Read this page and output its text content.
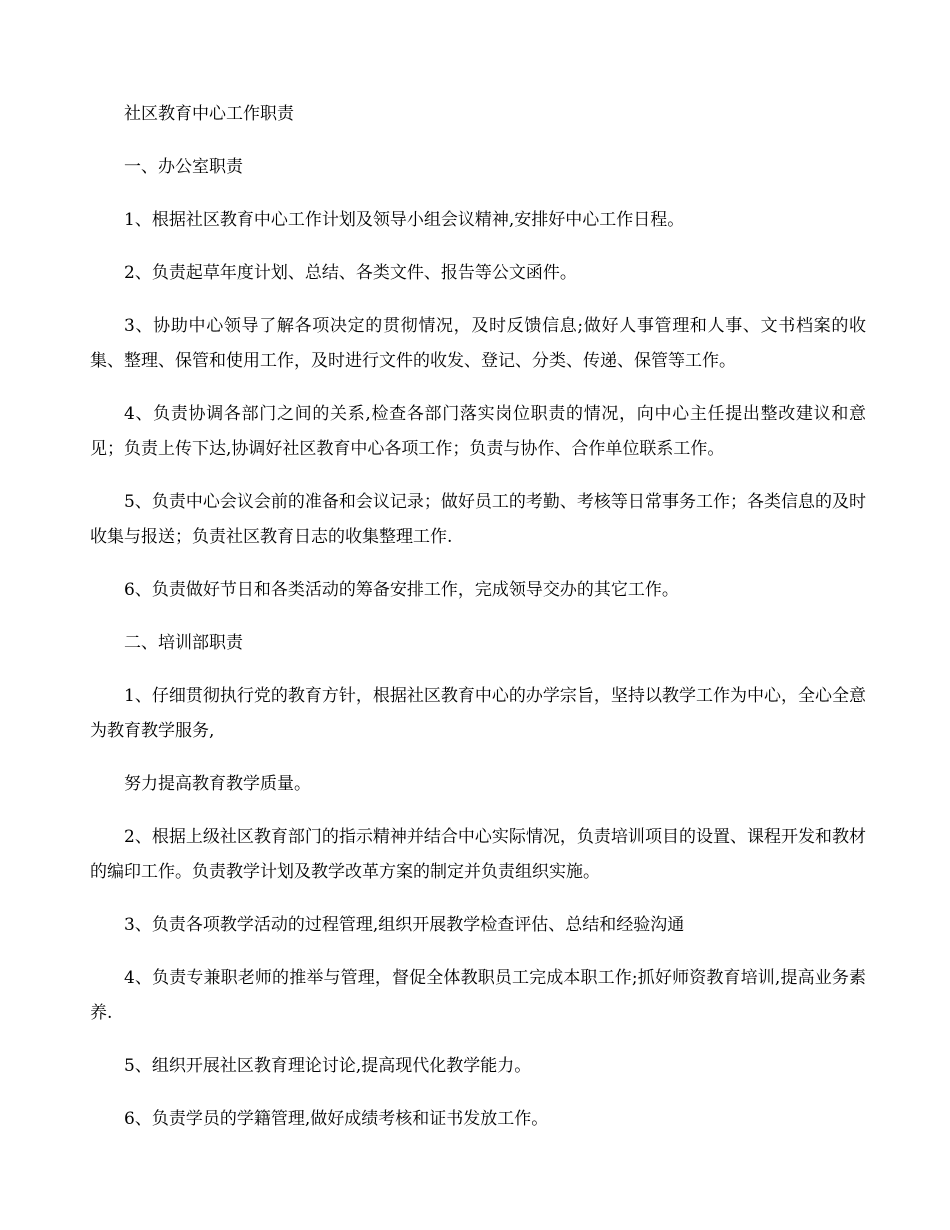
社区教育中心工作职责

一、办公室职责

1、根据社区教育中心工作计划及领导小组会议精神,安排好中心工作日程。

2、负责起草年度计划、总结、各类文件、报告等公文函件。

3、协助中心领导了解各项决定的贯彻情况，及时反馈信息;做好人事管理和人事、文书档案的收集、整理、保管和使用工作，及时进行文件的收发、登记、分类、传递、保管等工作。

4、负责协调各部门之间的关系,检查各部门落实岗位职责的情况，向中心主任提出整改建议和意见；负责上传下达,协调好社区教育中心各项工作；负责与协作、合作单位联系工作。

5、负责中心会议会前的准备和会议记录；做好员工的考勤、考核等日常事务工作；各类信息的及时收集与报送；负责社区教育日志的收集整理工作.

6、负责做好节日和各类活动的筹备安排工作，完成领导交办的其它工作。

二、培训部职责

1、仔细贯彻执行党的教育方针，根据社区教育中心的办学宗旨，坚持以教学工作为中心，全心全意为教育教学服务,

努力提高教育教学质量。

2、根据上级社区教育部门的指示精神并结合中心实际情况，负责培训项目的设置、课程开发和教材的编印工作。负责教学计划及教学改革方案的制定并负责组织实施。

3、负责各项教学活动的过程管理,组织开展教学检查评估、总结和经验沟通

4、负责专兼职老师的推举与管理，督促全体教职员工完成本职工作;抓好师资教育培训,提高业务素养.

5、组织开展社区教育理论讨论,提高现代化教学能力。

6、负责学员的学籍管理,做好成绩考核和证书发放工作。
